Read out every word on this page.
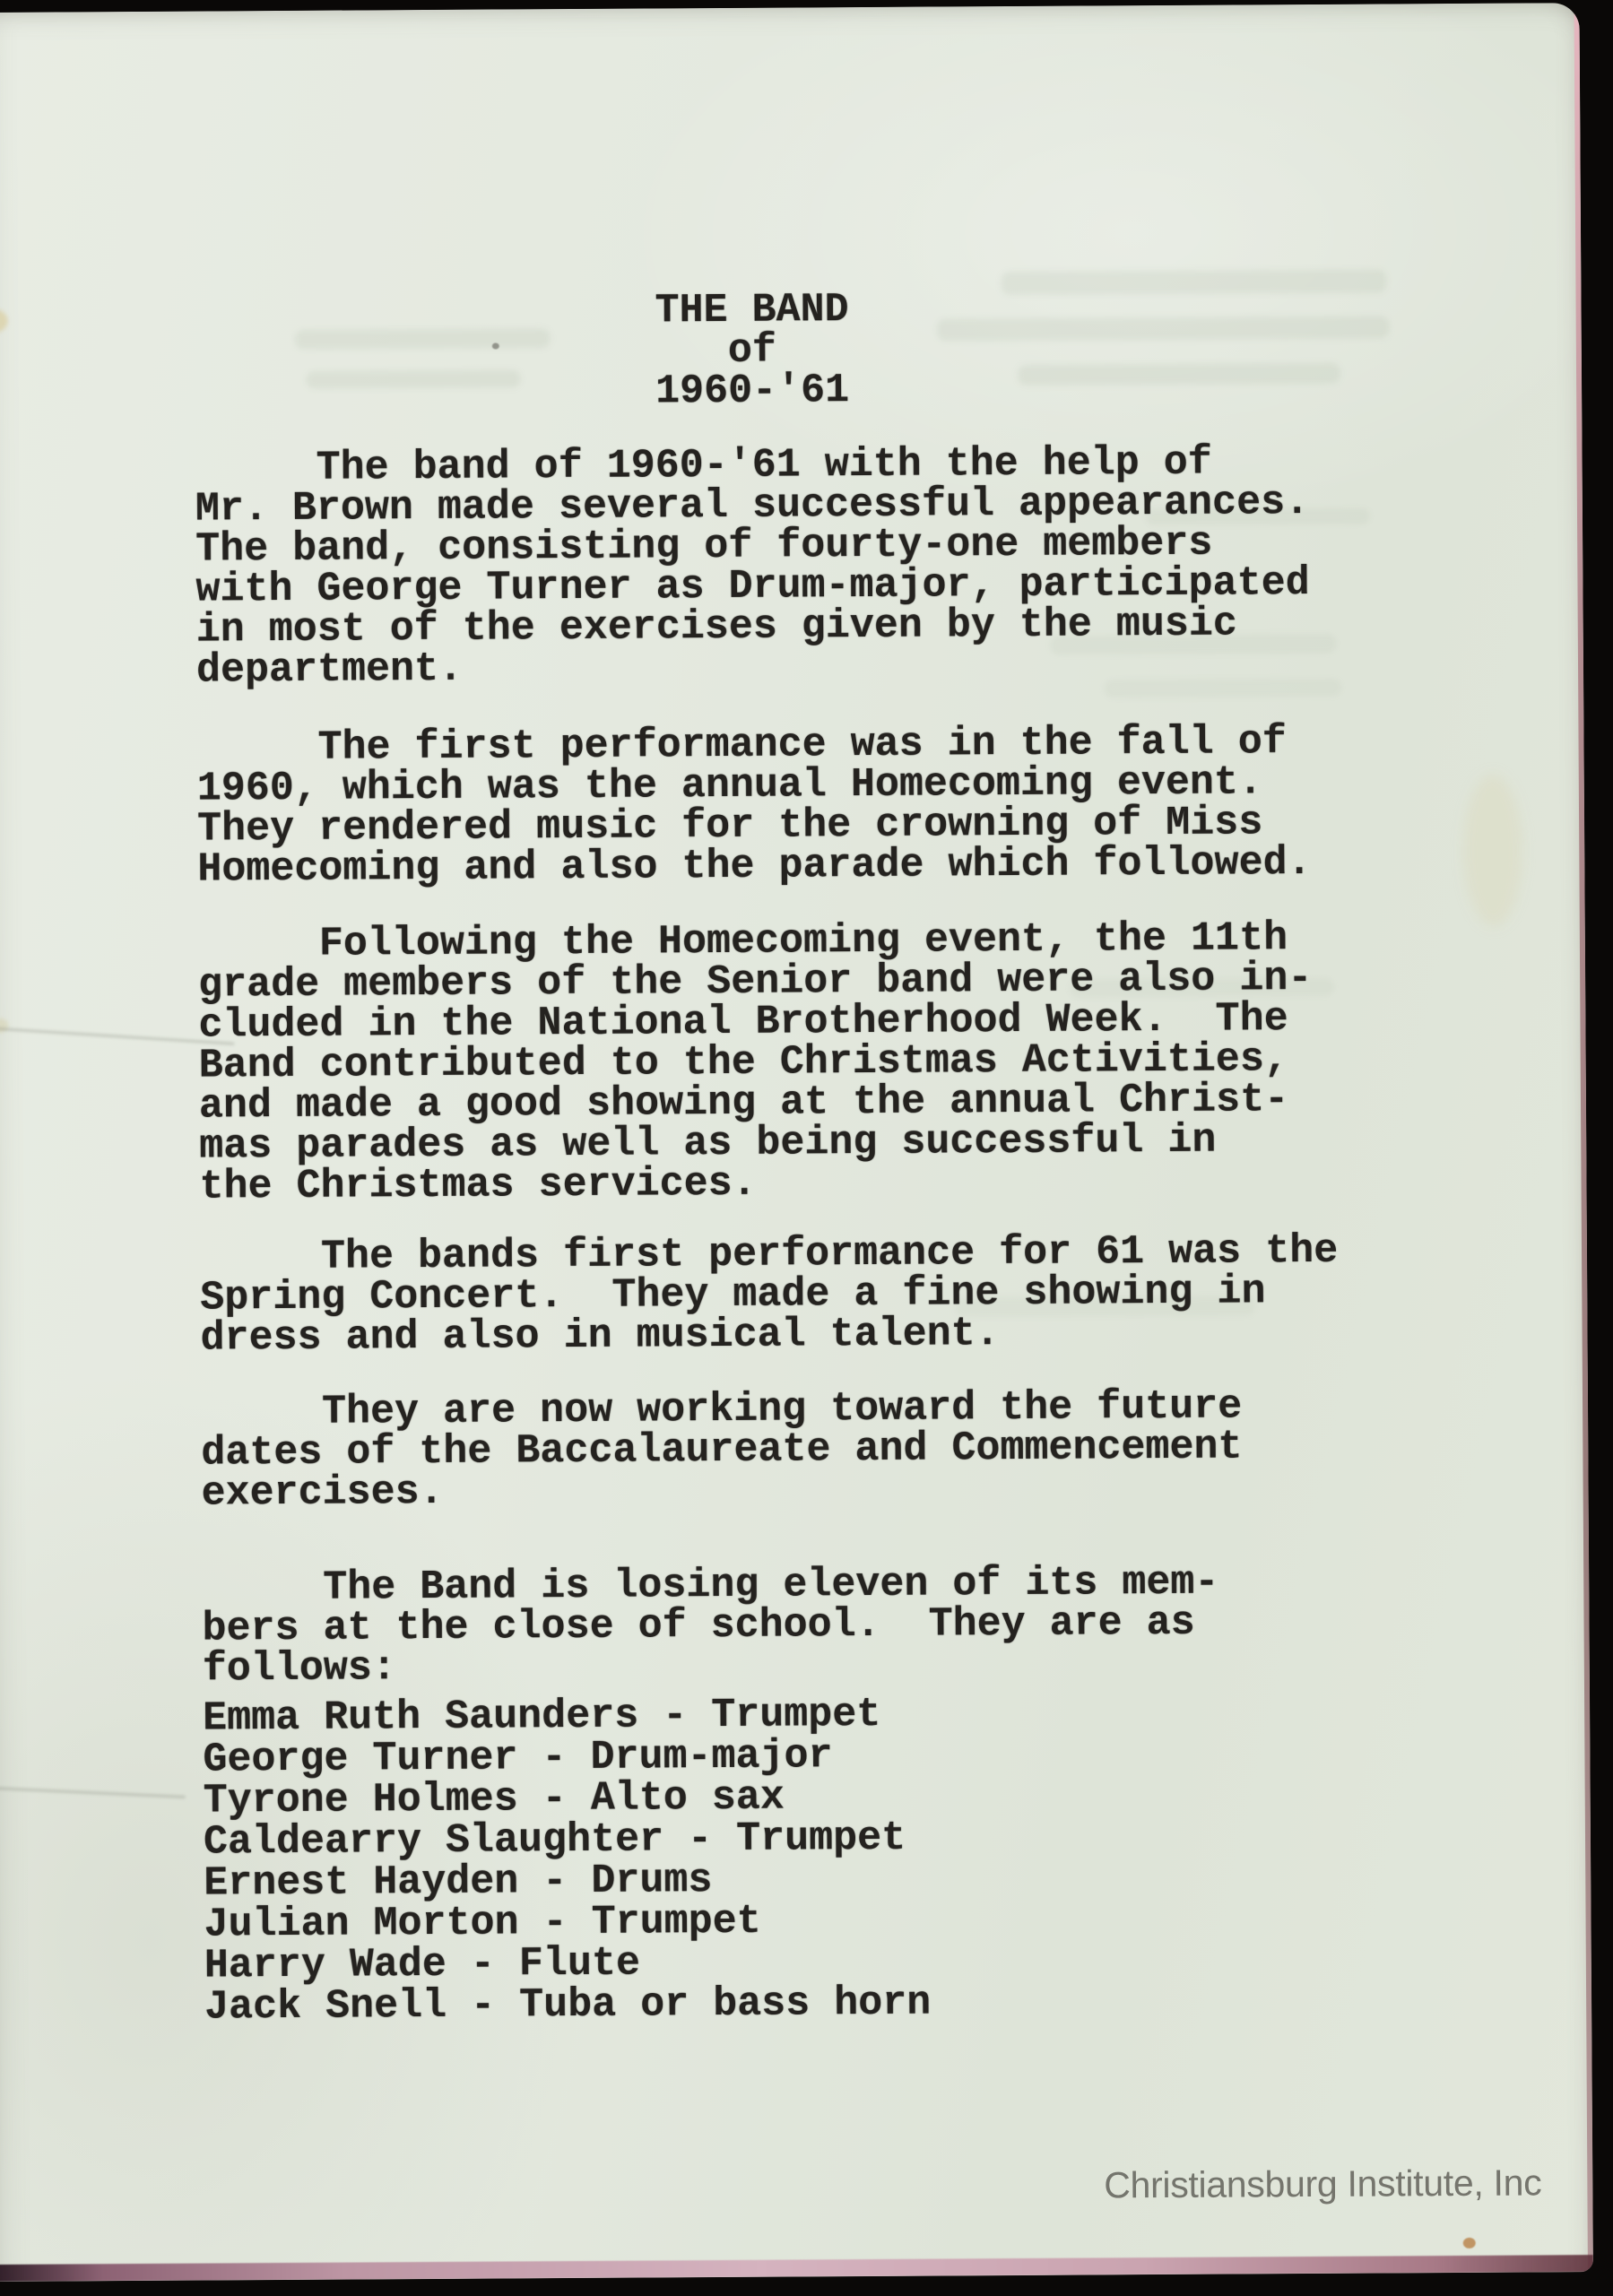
THE BAND
of
1960-'61
The band of 1960-'61 with the help of
Mr. Brown made several successful appearances.
The band, consisting of fourty-one members
with George Turner as Drum-major, participated
in most of the exercises given by the music
department.
The first performance was in the fall of
1960, which was the annual Homecoming event.
They rendered music for the crowning of Miss
Homecoming and also the parade which followed.
Following the Homecoming event, the 11th
grade members of the Senior band were also in-
cluded in the National Brotherhood Week.  The
Band contributed to the Christmas Activities,
and made a good showing at the annual Christ-
mas parades as well as being successful in
the Christmas services.
The bands first performance for 61 was the
Spring Concert.  They made a fine showing in
dress and also in musical talent.
They are now working toward the future
dates of the Baccalaureate and Commencement
exercises.
The Band is losing eleven of its mem-
bers at the close of school.  They are as
follows:
Emma Ruth Saunders - Trumpet
George Turner - Drum-major
Tyrone Holmes - Alto sax
Caldearry Slaughter - Trumpet
Ernest Hayden - Drums
Julian Morton - Trumpet
Harry Wade - Flute
Jack Snell - Tuba or bass horn
Christiansburg Institute, Inc
